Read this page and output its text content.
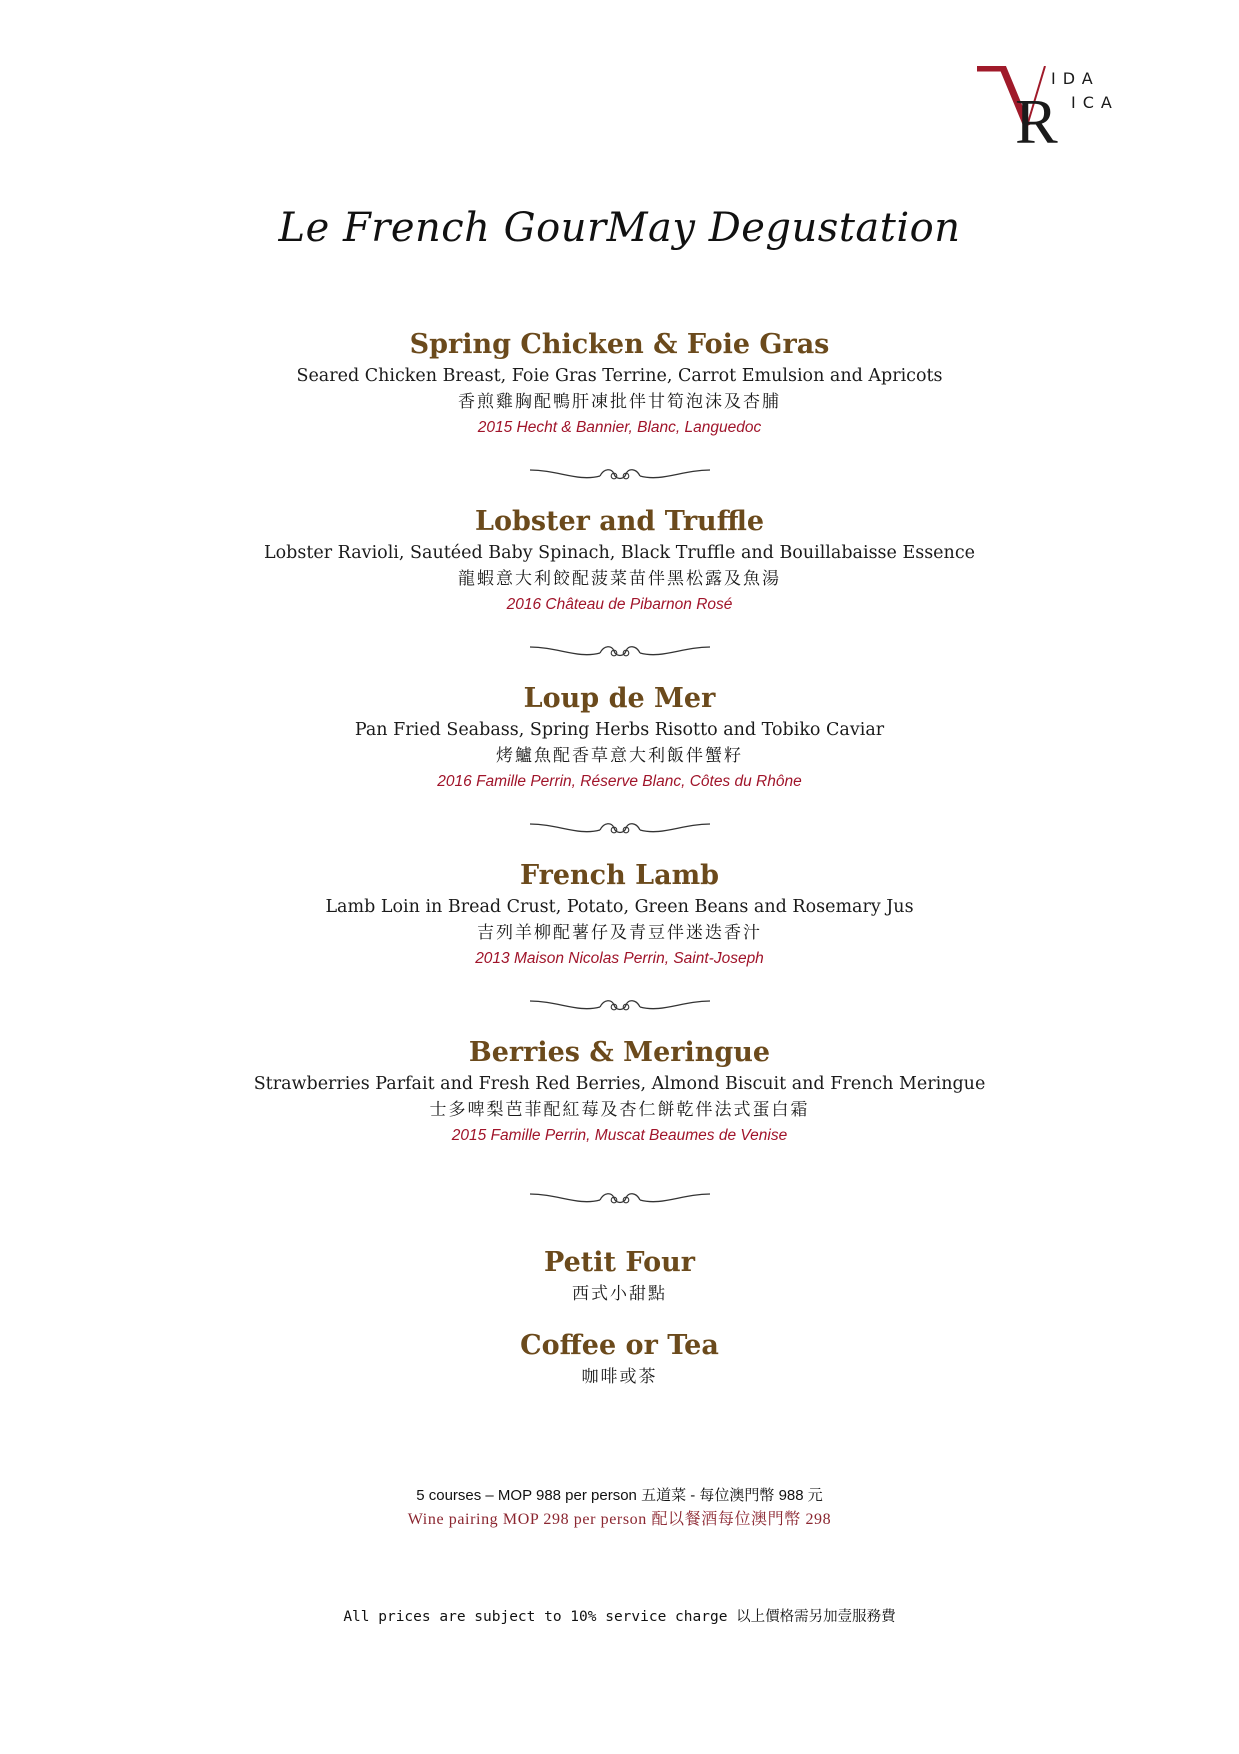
R
IDA
ICA
Le French GourMay Degustation
Spring Chicken & Foie Gras
Seared Chicken Breast, Foie Gras Terrine, Carrot Emulsion and Apricots
香煎雞胸配鴨肝凍批伴甘筍泡沫及杏脯
2015 Hecht & Bannier, Blanc, Languedoc
Lobster and Truffle
Lobster Ravioli, Sautéed Baby Spinach, Black Truffle and Bouillabaisse Essence
龍蝦意大利餃配菠菜苗伴黑松露及魚湯
2016 Château de Pibarnon Rosé
Loup de Mer
Pan Fried Seabass, Spring Herbs Risotto and Tobiko Caviar
烤鱸魚配香草意大利飯伴蟹籽
2016 Famille Perrin, Réserve Blanc, Côtes du Rhône
French Lamb
Lamb Loin in Bread Crust, Potato, Green Beans and Rosemary Jus
吉列羊柳配薯仔及青豆伴迷迭香汁
2013 Maison Nicolas Perrin, Saint-Joseph
Berries & Meringue
Strawberries Parfait and Fresh Red Berries, Almond Biscuit and French Meringue
士多啤梨芭菲配紅莓及杏仁餅乾伴法式蛋白霜
2015 Famille Perrin, Muscat Beaumes de Venise
Petit Four
西式小甜點
Coffee or Tea
咖啡或茶
5 courses – MOP 988 per person 五道菜 - 每位澳門幣 988 元
Wine pairing MOP 298 per person 配以餐酒每位澳門幣 298
All prices are subject to 10% service charge 以上價格需另加壹服務費
